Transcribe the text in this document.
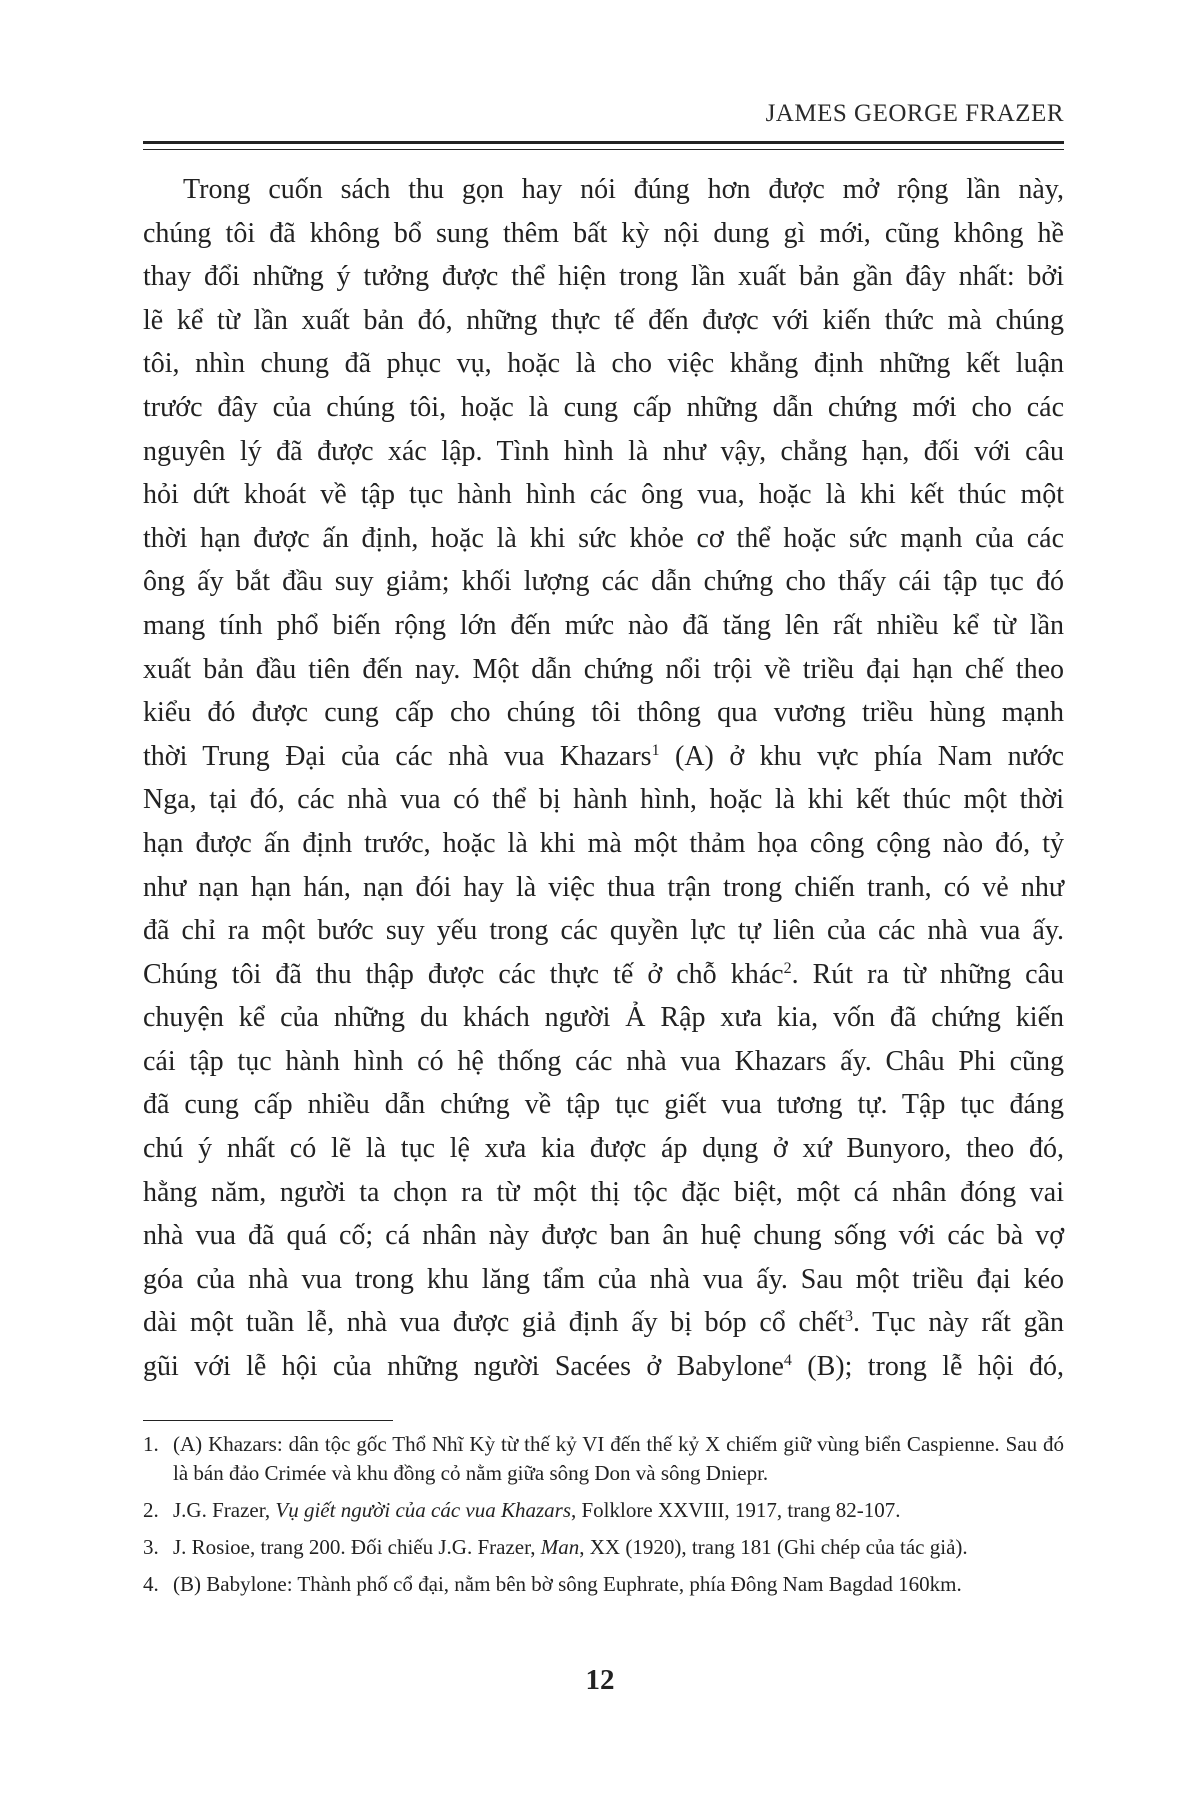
JAMES GEORGE FRAZER
Trong cuốn sách thu gọn hay nói đúng hơn được mở rộng lần này,
chúng tôi đã không bổ sung thêm bất kỳ nội dung gì mới, cũng không hề
thay đổi những ý tưởng được thể hiện trong lần xuất bản gần đây nhất: bởi
lẽ kể từ lần xuất bản đó, những thực tế đến được với kiến thức mà chúng
tôi, nhìn chung đã phục vụ, hoặc là cho việc khẳng định những kết luận
trước đây của chúng tôi, hoặc là cung cấp những dẫn chứng mới cho các
nguyên lý đã được xác lập. Tình hình là như vậy, chẳng hạn, đối với câu
hỏi dứt khoát về tập tục hành hình các ông vua, hoặc là khi kết thúc một
thời hạn được ấn định, hoặc là khi sức khỏe cơ thể hoặc sức mạnh của các
ông ấy bắt đầu suy giảm; khối lượng các dẫn chứng cho thấy cái tập tục đó
mang tính phổ biến rộng lớn đến mức nào đã tăng lên rất nhiều kể từ lần
xuất bản đầu tiên đến nay. Một dẫn chứng nổi trội về triều đại hạn chế theo
kiểu đó được cung cấp cho chúng tôi thông qua vương triều hùng mạnh
thời Trung Đại của các nhà vua Khazars$^1$ (A) ở khu vực phía Nam nước
Nga, tại đó, các nhà vua có thể bị hành hình, hoặc là khi kết thúc một thời
hạn được ấn định trước, hoặc là khi mà một thảm họa công cộng nào đó, tỷ
như nạn hạn hán, nạn đói hay là việc thua trận trong chiến tranh, có vẻ như
đã chỉ ra một bước suy yếu trong các quyền lực tự liên của các nhà vua ấy.
Chúng tôi đã thu thập được các thực tế ở chỗ khác$^2$. Rút ra từ những câu
chuyện kể của những du khách người Ả Rập xưa kia, vốn đã chứng kiến
cái tập tục hành hình có hệ thống các nhà vua Khazars ấy. Châu Phi cũng
đã cung cấp nhiều dẫn chứng về tập tục giết vua tương tự. Tập tục đáng
chú ý nhất có lẽ là tục lệ xưa kia được áp dụng ở xứ Bunyoro, theo đó,
hằng năm, người ta chọn ra từ một thị tộc đặc biệt, một cá nhân đóng vai
nhà vua đã quá cố; cá nhân này được ban ân huệ chung sống với các bà vợ
góa của nhà vua trong khu lăng tẩm của nhà vua ấy. Sau một triều đại kéo
dài một tuần lễ, nhà vua được giả định ấy bị bóp cổ chết$^3$. Tục này rất gần
gũi với lễ hội của những người Sacées ở Babylone$^4$ (B); trong lễ hội đó,
1. (A) Khazars: dân tộc gốc Thổ Nhĩ Kỳ từ thế kỷ VI đến thế kỷ X chiếm giữ vùng biển Caspienne. Sau đó là bán đảo Crimée và khu đồng cỏ nằm giữa sông Don và sông Dniepr.
2. J.G. Frazer, Vụ giết người của các vua Khazars, Folklore XXVIII, 1917, trang 82-107.
3. J. Rosioe, trang 200. Đối chiếu J.G. Frazer, Man, XX (1920), trang 181 (Ghi chép của tác giả).
4. (B) Babylone: Thành phố cổ đại, nằm bên bờ sông Euphrate, phía Đông Nam Bagdad 160km.
12
